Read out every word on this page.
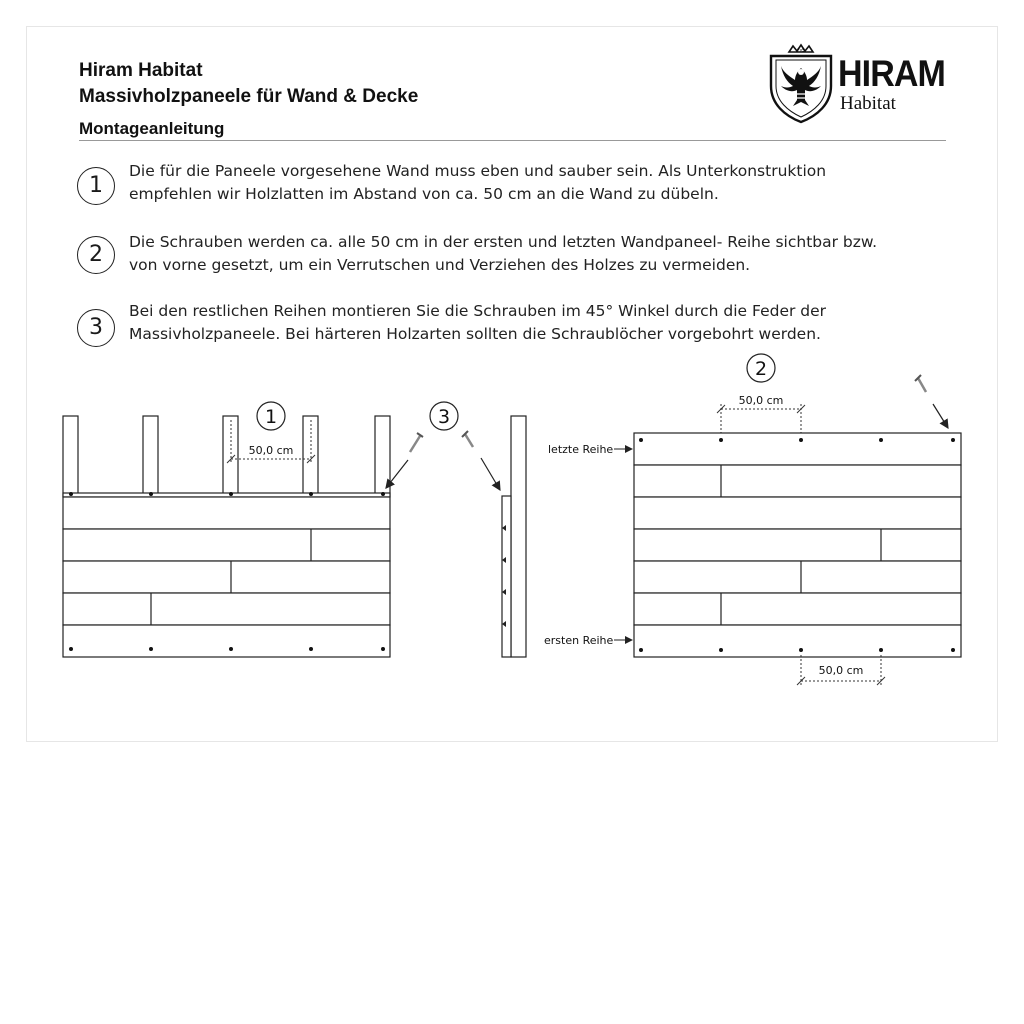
Hiram Habitat
Massivholzpaneele für Wand & Decke
Montageanleitung
FvS
HIRAM
Habitat
1
Die für die Paneele vorgesehene Wand muss eben und sauber sein. Als Unterkonstruktion
empfehlen wir Holzlatten im Abstand von ca. 50 cm an die Wand zu dübeln.
2	Die Schrauben werden ca. alle 50 cm in der ersten und letzten Wandpaneel- Reihe sichtbar bzw.
von vorne gesetzt, um ein Verrutschen und Verziehen des Holzes zu vermeiden.
3
Bei den restlichen Reihen montieren Sie die Schrauben im 45° Winkel durch die Feder der
Massivholzpaneele. Bei härteren Holzarten sollten die Schraublöcher vorgebohrt werden.
50,0 cm
1	3
2
50,0 cm
letzte Reihe
ersten Reihe
50,0 cm
